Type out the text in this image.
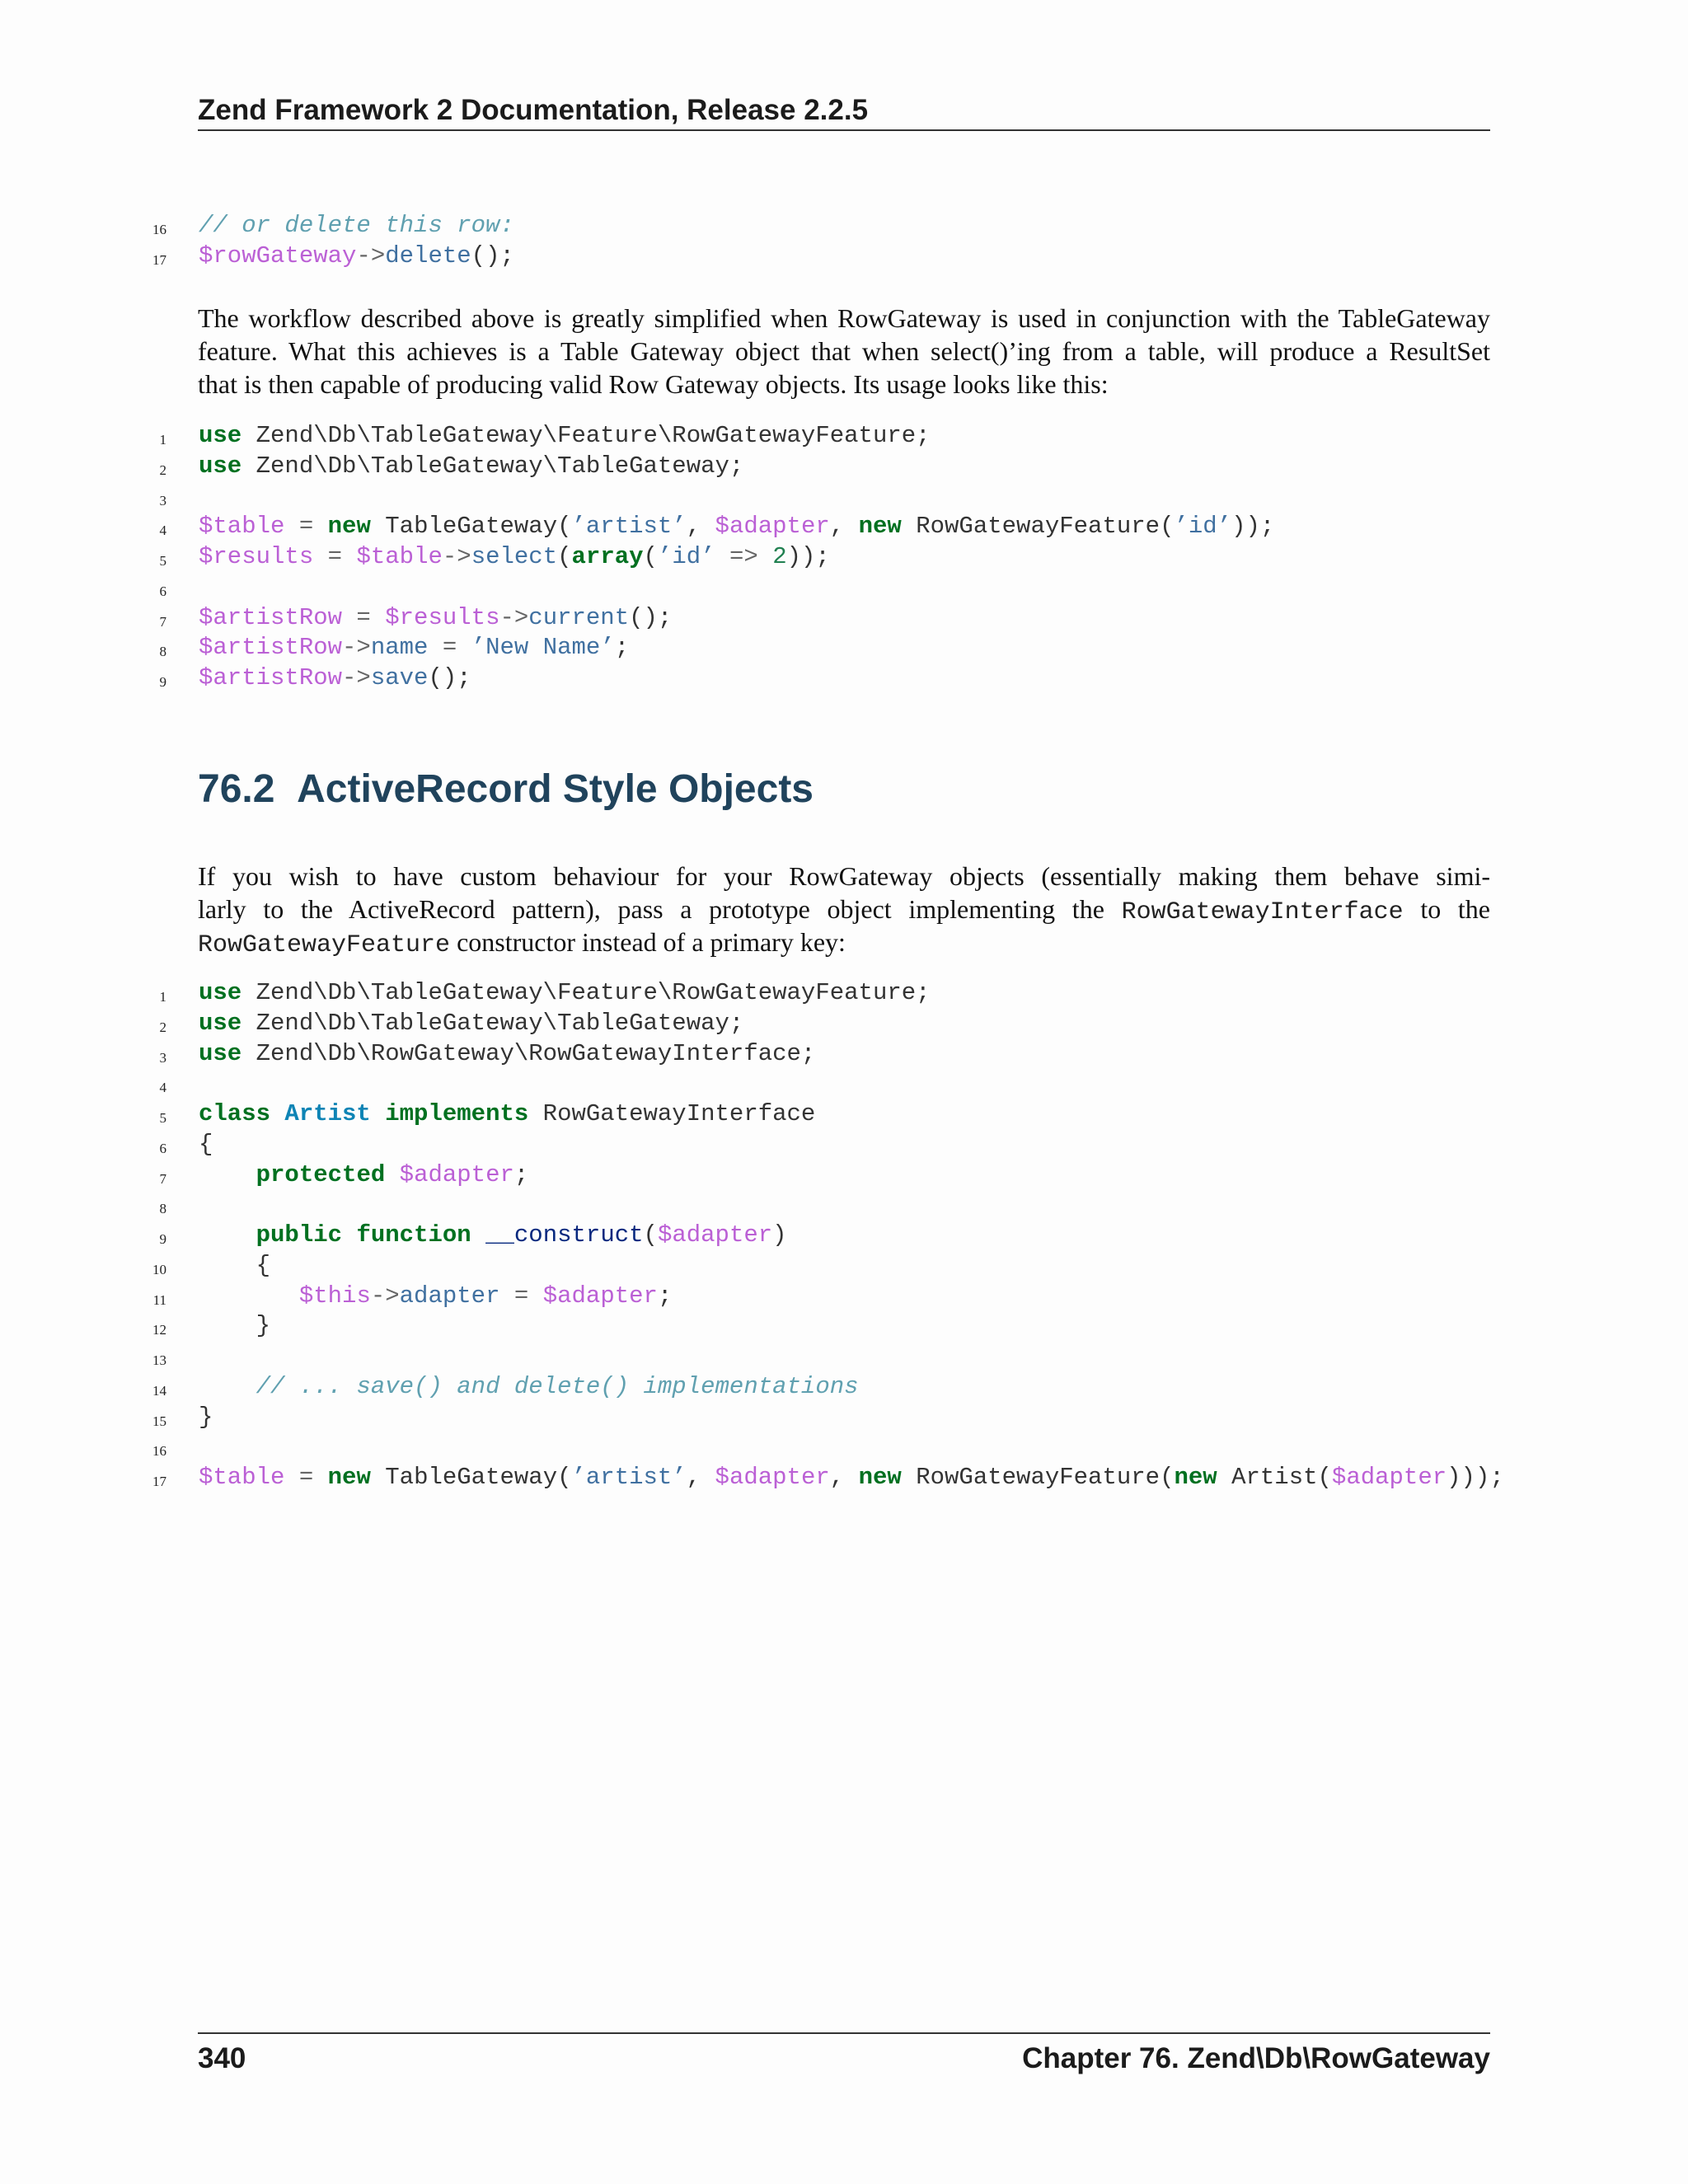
Zend Framework 2 Documentation, Release 2.2.5
16 // or delete this row:
17 $rowGateway->delete();
The workflow described above is greatly simplified when RowGateway is used in conjunction with the TableGateway
feature. What this achieves is a Table Gateway object that when select()’ing from a table, will produce a ResultSet
that is then capable of producing valid Row Gateway objects. Its usage looks like this:
1 use Zend\Db\TableGateway\Feature\RowGatewayFeature;
2 use Zend\Db\TableGateway\TableGateway;
3
4 $table = new TableGateway(’artist’, $adapter, new RowGatewayFeature(’id’));
5 $results = $table->select(array(’id’ => 2));
6
7 $artistRow = $results->current();
8 $artistRow->name = ’New Name’;
9 $artistRow->save();
76.2 ActiveRecord Style Objects
If you wish to have custom behaviour for your RowGateway objects (essentially making them behave simi-
larly to the ActiveRecord pattern), pass a prototype object implementing the RowGatewayInterface to the
RowGatewayFeature constructor instead of a primary key:
1 use Zend\Db\TableGateway\Feature\RowGatewayFeature;
2 use Zend\Db\TableGateway\TableGateway;
3 use Zend\Db\RowGateway\RowGatewayInterface;
4
5 class Artist implements RowGatewayInterface
6 {
7	protected $adapter;
8
9	public function __construct($adapter)
10 {
11	$this->adapter = $adapter;
12 }
13
14	// ... save() and delete() implementations
15 }
16
17 $table = new TableGateway(’artist’, $adapter, new RowGatewayFeature(new Artist($adapter)));
340	Chapter 76. Zend\Db\RowGateway
